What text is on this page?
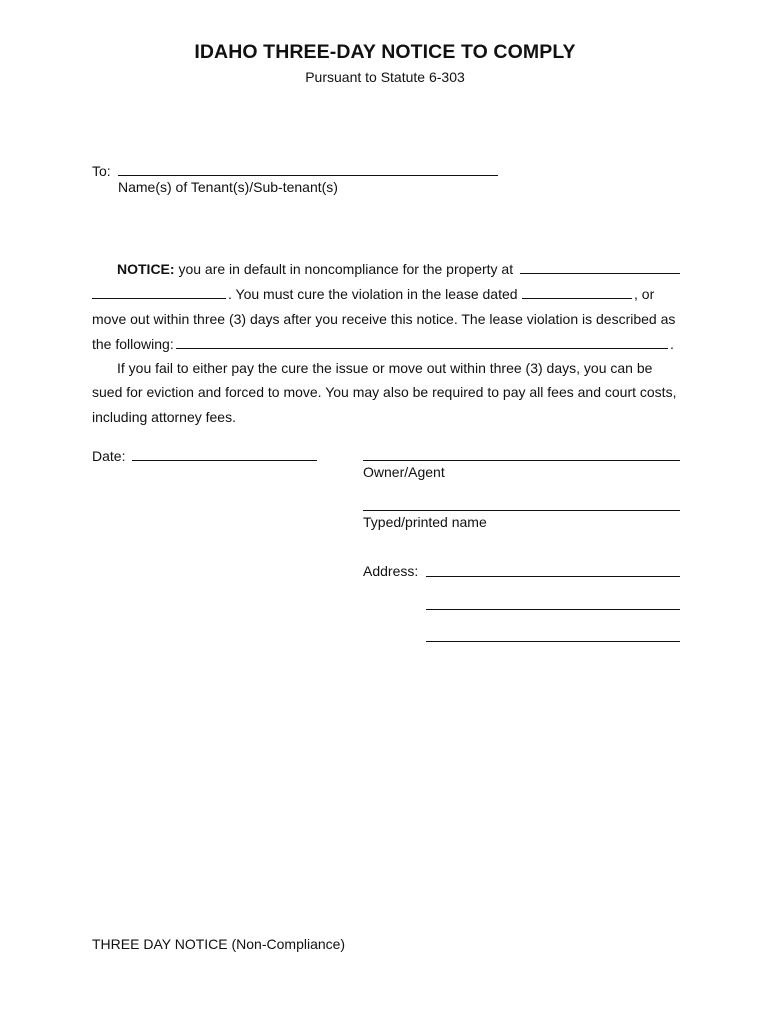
IDAHO THREE-DAY NOTICE TO COMPLY
Pursuant to Statute 6-303
To:
Name(s) of Tenant(s)/Sub-tenant(s)
NOTICE: you are in default in noncompliance for the property at
. You must cure the violation in the lease dated	, or
move out within three (3) days after you receive this notice. The lease violation is described as
the following:	.
If you fail to either pay the cure the issue or move out within three (3) days, you can be
sued for eviction and forced to move. You may also be required to pay all fees and court costs,
including attorney fees.
Date:
Owner/Agent
Typed/printed name
Address:
THREE DAY NOTICE (Non-Compliance)
